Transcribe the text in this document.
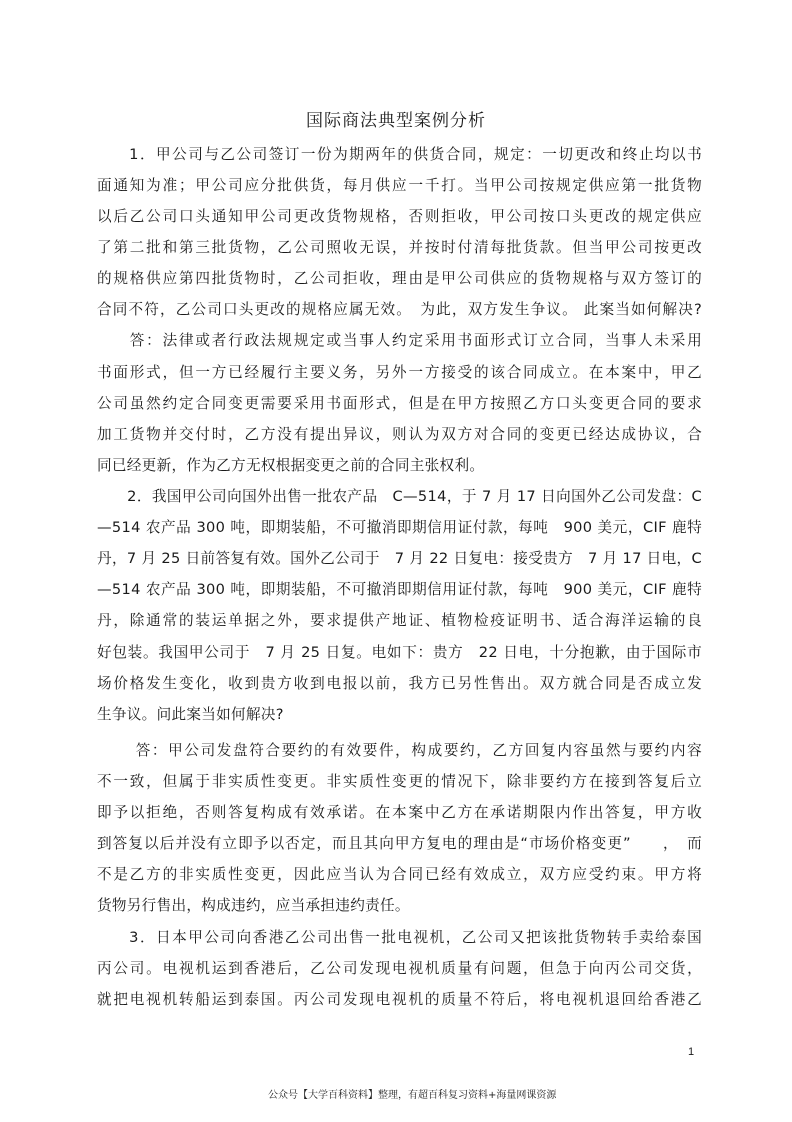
国际商法典型案例分析
　　1．甲公司与乙公司签订一份为期两年的供货合同，规定：一切更改和终止均以书
面通知为准；甲公司应分批供货，每月供应一千打。当甲公司按规定供应第一批货物
以后乙公司口头通知甲公司更改货物规格，否则拒收，甲公司按口头更改的规定供应
了第二批和第三批货物，乙公司照收无误，并按时付清每批货款。但当甲公司按更改
的规格供应第四批货物时，乙公司拒收，理由是甲公司供应的货物规格与双方签订的
合同不符，乙公司口头更改的规格应属无效。　为此，双方发生争议。 此案当如何解决?
　　答：法律或者行政法规规定或当事人约定采用书面形式订立合同，当事人未采用
书面形式，但一方已经履行主要义务，另外一方接受的该合同成立。在本案中，甲乙
公司虽然约定合同变更需要采用书面形式，但是在甲方按照乙方口头变更合同的要求
加工货物并交付时，乙方没有提出异议，则认为双方对合同的变更已经达成协议，合
同已经更新，作为乙方无权根据变更之前的合同主张权利。
　　2．我国甲公司向国外出售一批农产品　C—514，于 7 月 17 日向国外乙公司发盘：C
—514 农产品 300 吨，即期装船，不可撤消即期信用证付款，每吨　900 美元，CIF 鹿特
丹，7 月 25 日前答复有效。国外乙公司于　7 月 22 日复电：接受贵方　7 月 17 日电，C
—514 农产品 300 吨，即期装船，不可撤消即期信用证付款，每吨　900 美元，CIF 鹿特
丹，除通常的装运单据之外，要求提供产地证、植物检疫证明书、适合海洋运输的良
好包装。我国甲公司于　7 月 25 日复。电如下：贵方　22 日电，十分抱歉，由于国际市
场价格发生变化，收到贵方收到电报以前，我方已另性售出。双方就合同是否成立发
生争议。问此案当如何解决?
　　 答：甲公司发盘符合要约的有效要件，构成要约，乙方回复内容虽然与要约内容
不一致，但属于非实质性变更。非实质性变更的情况下，除非要约方在接到答复后立
即予以拒绝，否则答复构成有效承诺。在本案中乙方在承诺期限内作出答复，甲方收
到答复以后并没有立即予以否定，而且其向甲方复电的理由是“市场价格变更”　　，　而
不是乙方的非实质性变更，因此应当认为合同已经有效成立，双方应受约束。甲方将
货物另行售出，构成违约，应当承担违约责任。
　　3．日本甲公司向香港乙公司出售一批电视机，乙公司又把该批货物转手卖给泰国
丙公司。电视机运到香港后，乙公司发现电视机质量有问题，但急于向丙公司交货，
就把电视机转船运到泰国。丙公司发现电视机的质量不符后，将电视机退回给香港乙
1
公众号【大学百科资料】整理，有超百科复习资料+海量网课资源
